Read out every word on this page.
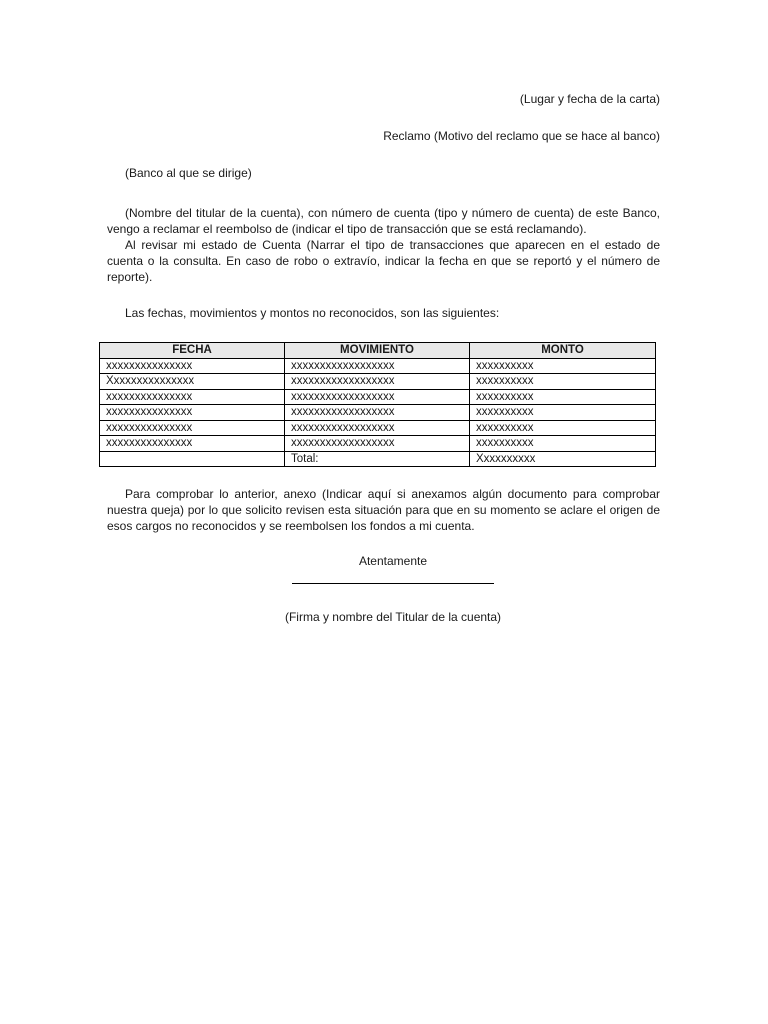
(Lugar y fecha de la carta)
Reclamo (Motivo del reclamo que se hace al banco)
(Banco al que se dirige)
(Nombre del titular de la cuenta), con número de cuenta (tipo y número de cuenta) de este Banco, vengo a reclamar el reembolso de (indicar el tipo de transacción que se está reclamando).
Al revisar mi estado de Cuenta (Narrar el tipo de transacciones que aparecen en el estado de cuenta o la consulta. En caso de robo o extravío, indicar la fecha en que se reportó y el número de reporte).
Las fechas, movimientos y montos no reconocidos, son las siguientes:
FECHA	MOVIMIENTO	MONTO
xxxxxxxxxxxxxxx	xxxxxxxxxxxxxxxxxx	xxxxxxxxxx
Xxxxxxxxxxxxxxx	xxxxxxxxxxxxxxxxxx	xxxxxxxxxx
xxxxxxxxxxxxxxx	xxxxxxxxxxxxxxxxxx	xxxxxxxxxx
xxxxxxxxxxxxxxx	xxxxxxxxxxxxxxxxxx	xxxxxxxxxx
xxxxxxxxxxxxxxx	xxxxxxxxxxxxxxxxxx	xxxxxxxxxx
xxxxxxxxxxxxxxx	xxxxxxxxxxxxxxxxxx	xxxxxxxxxx
	Total:	Xxxxxxxxxx
Para comprobar lo anterior, anexo (Indicar aquí si anexamos algún documento para comprobar nuestra queja) por lo que solicito revisen esta situación para que en su momento se aclare el origen de esos cargos no reconocidos y se reembolsen los fondos a mi cuenta.
Atentamente
(Firma y nombre del Titular de la cuenta)
